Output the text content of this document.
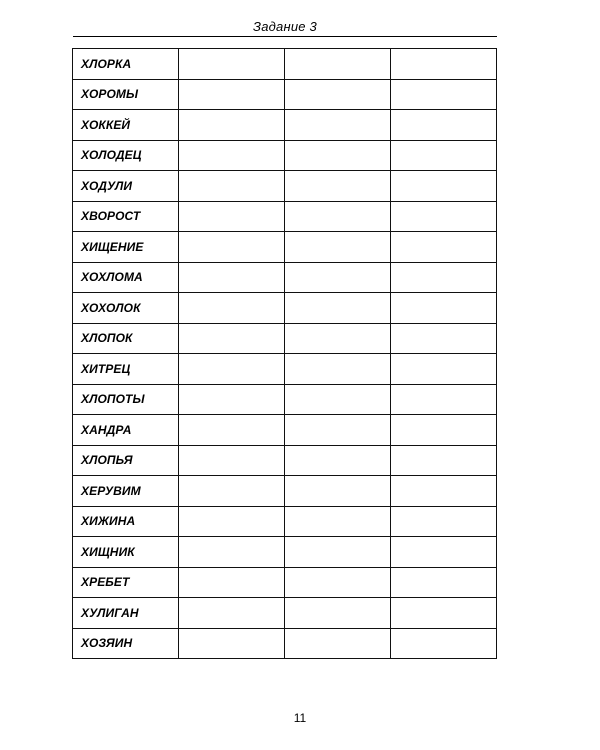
Задание 3
ХЛОРКА			
ХОРОМЫ			
ХОККЕЙ			
ХОЛОДЕЦ			
ХОДУЛИ			
ХВОРОСТ			
ХИЩЕНИЕ			
ХОХЛОМА			
ХОХОЛОК			
ХЛОПОК			
ХИТРЕЦ			
ХЛОПОТЫ			
ХАНДРА			
ХЛОПЬЯ			
ХЕРУВИМ			
ХИЖИНА			
ХИЩНИК			
ХРЕБЕТ			
ХУЛИГАН			
ХОЗЯИН			
11
